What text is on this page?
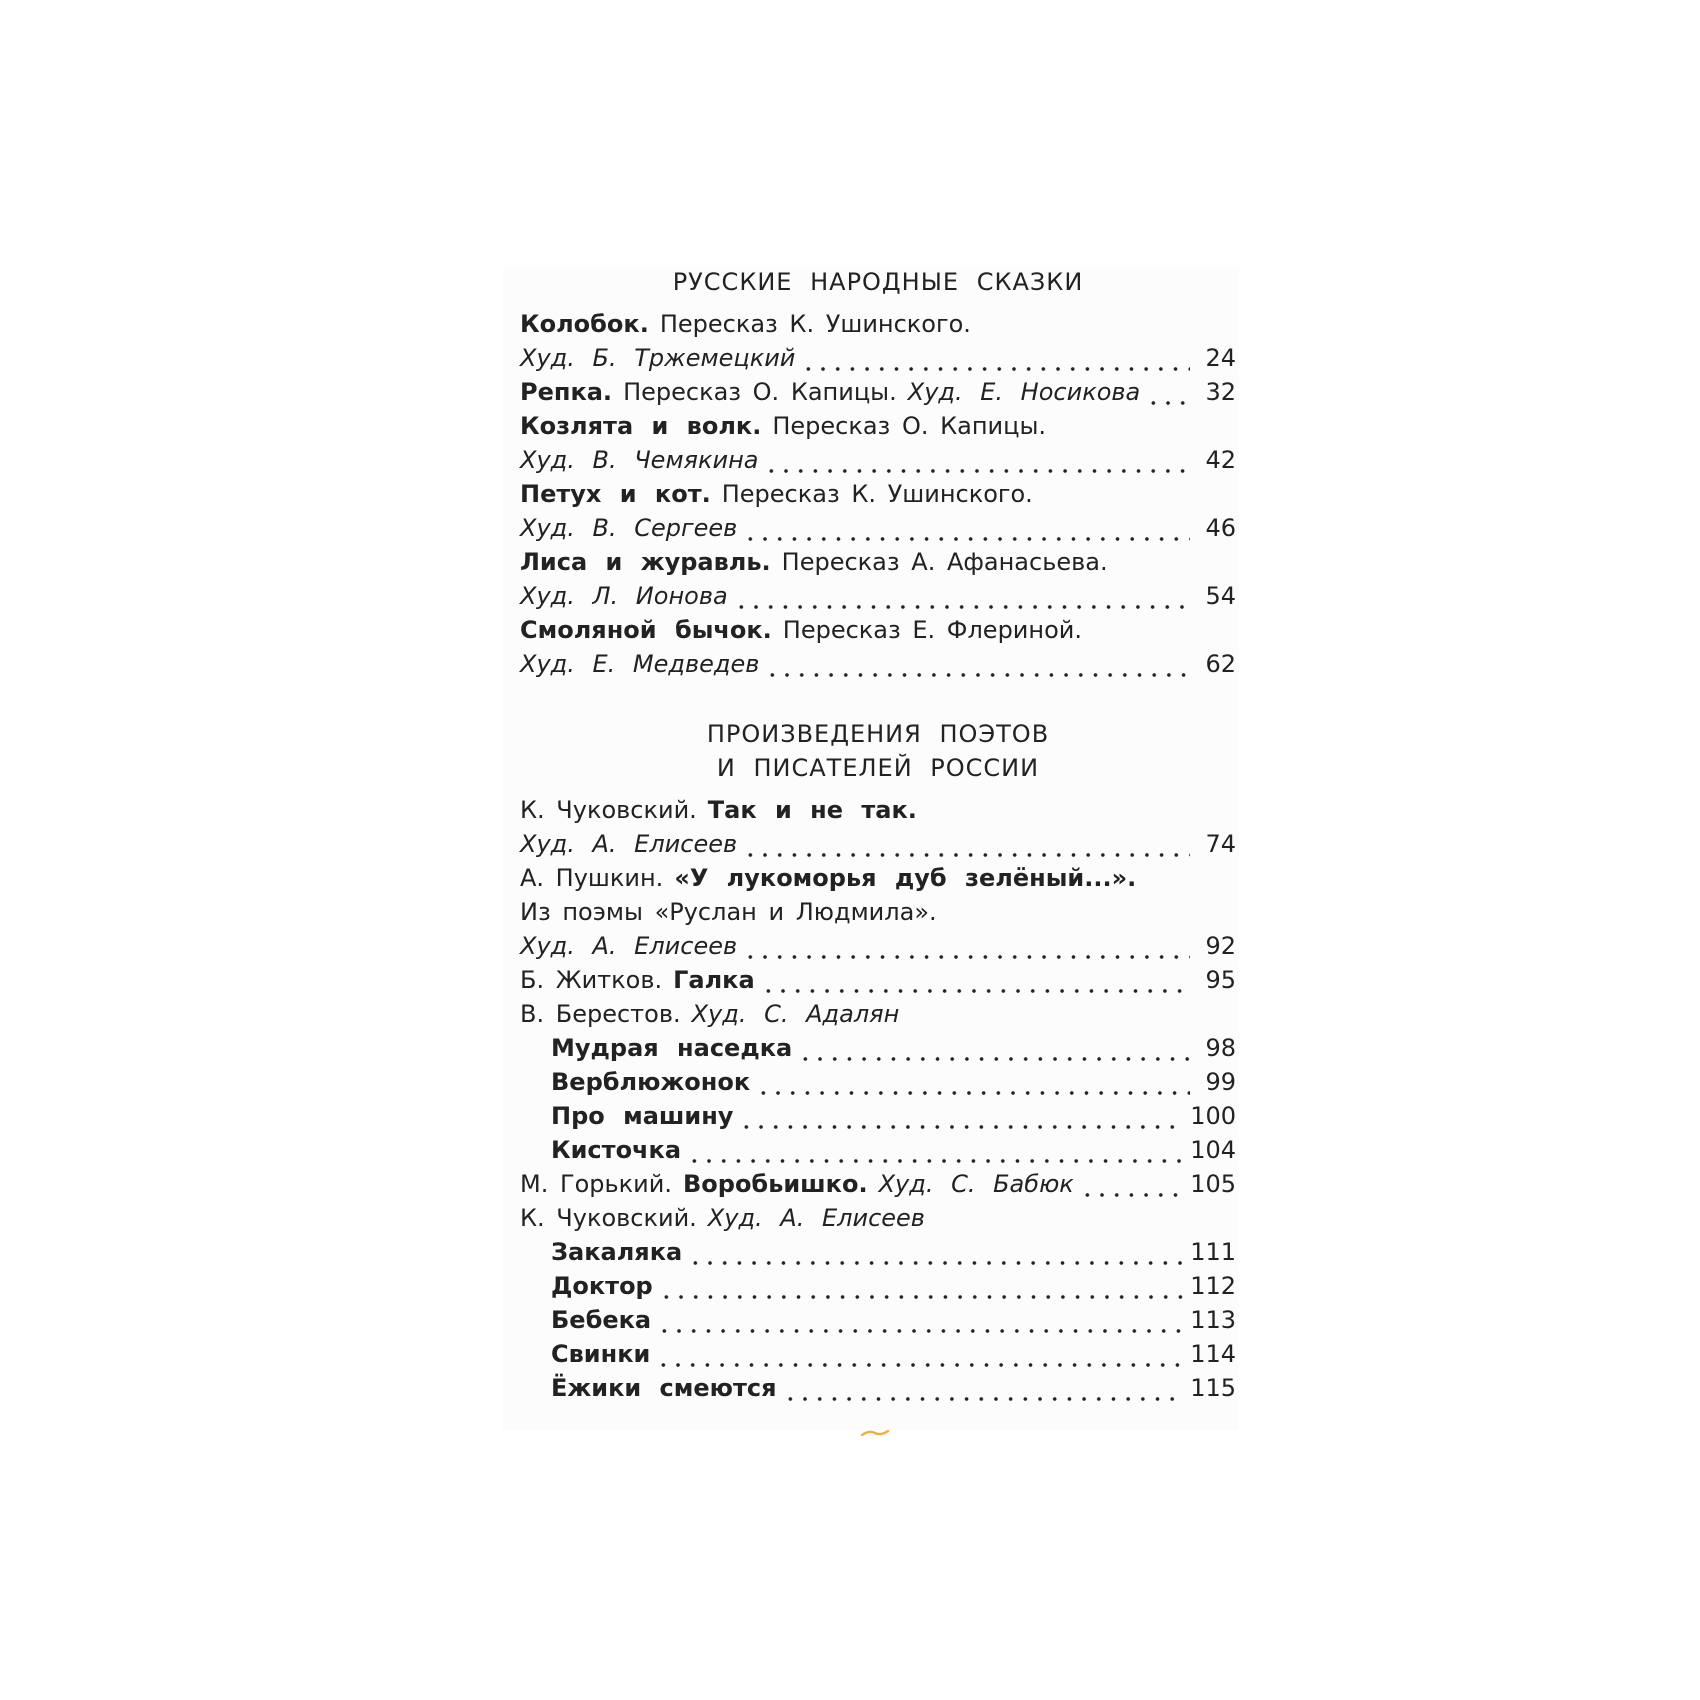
РУССКИЕ НАРОДНЫЕ СКАЗКИ
Колобок. Пересказ К. Ушинского.
Худ. Б. Тржемецкий	24
Репка. Пересказ О. Капицы. Худ. Е. Носикова	32
Козлята и волк. Пересказ О. Капицы.
Худ. В. Чемякина	42
Петух и кот. Пересказ К. Ушинского.
Худ. В. Сергеев	46
Лиса и журавль. Пересказ А. Афанасьева.
Худ. Л. Ионова	54
Смоляной бычок. Пересказ Е. Флериной.
Худ. Е. Медведев	62
ПРОИЗВЕДЕНИЯ ПОЭТОВ
И ПИСАТЕЛЕЙ РОССИИ
К. Чуковский. Так и не так.
Худ. А. Елисеев	74
А. Пушкин. «У лукоморья дуб зелёный...».
Из поэмы «Руслан и Людмила».
Худ. А. Елисеев	92
Б. Житков. Галка	95
В. Берестов. Худ. С. Адалян
Мудрая наседка	98
Верблюжонок	99
Про машину	100
Кисточка	104
М. Горький. Воробьишко. Худ. С. Бабюк	105
К. Чуковский. Худ. А. Елисеев
Закаляка	111
Доктор	112
Бебека	113
Свинки	114
Ёжики смеются	115
